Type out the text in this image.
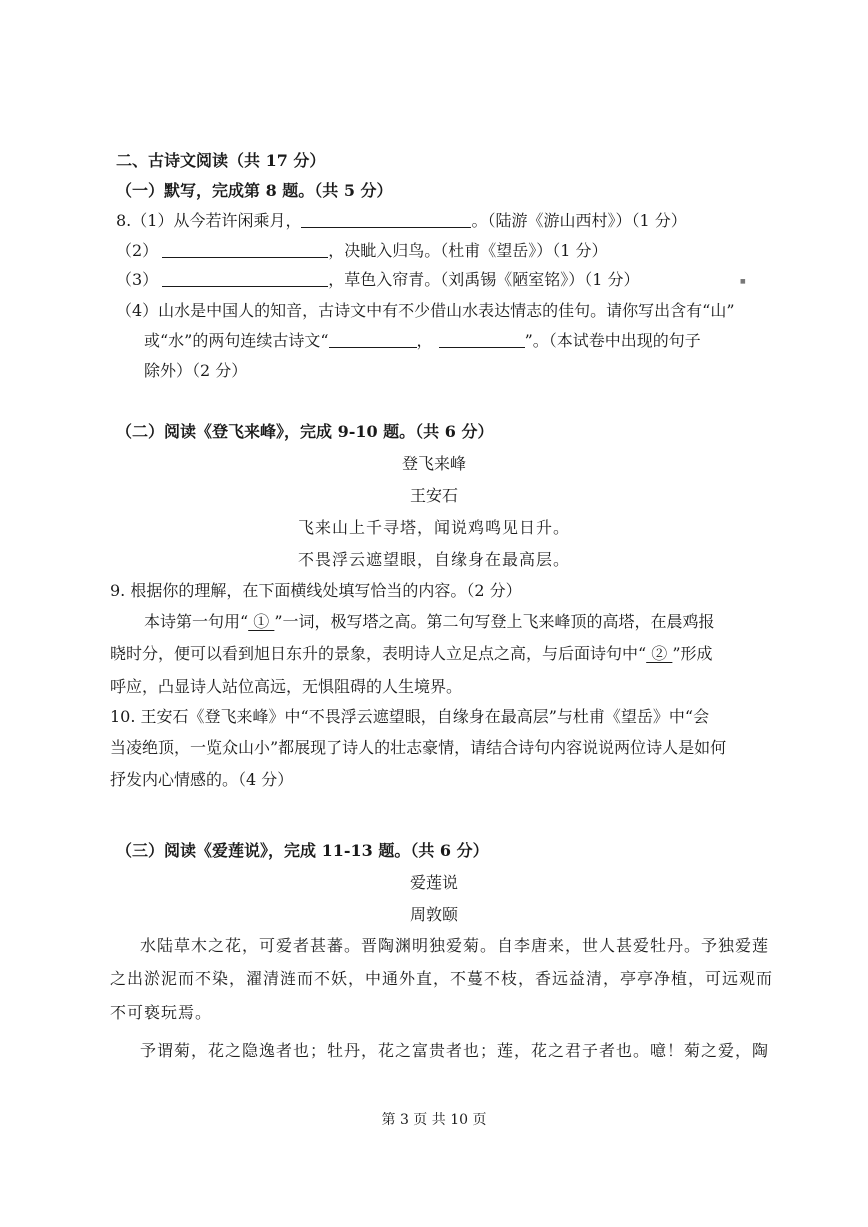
二、古诗文阅读（共 17 分）
（一）默写，完成第 8 题。（共 5 分）
8.（1）从今若许闲乘月，	。（陆游《游山西村》）（1 分）
（2）	，决眦入归鸟。（杜甫《望岳》）（1 分）
（3）	，草色入帘青。（刘禹锡《陋室铭》）（1 分）	■
（4）山水是中国人的知音，古诗文中有不少借山水表达情志的佳句。请你写出含有“山”
或“水”的两句连续古诗文“	，	”。（本试卷中出现的句子
除外）（2 分）
（二）阅读《登飞来峰》，完成 9-10 题。（共 6 分）
登飞来峰
王安石
飞来山上千寻塔，闻说鸡鸣见日升。
不畏浮云遮望眼，自缘身在最高层。
9. 根据你的理解，在下面横线处填写恰当的内容。（2 分）
本诗第一句用“ ① ”一词，极写塔之高。第二句写登上飞来峰顶的高塔，在晨鸡报
晓时分，便可以看到旭日东升的景象，表明诗人立足点之高，与后面诗句中“ ② ”形成
呼应，凸显诗人站位高远，无惧阻碍的人生境界。
10. 王安石《登飞来峰》中“不畏浮云遮望眼，自缘身在最高层”与杜甫《望岳》中“会
当凌绝顶，一览众山小”都展现了诗人的壮志豪情，请结合诗句内容说说两位诗人是如何
抒发内心情感的。（4 分）
（三）阅读《爱莲说》，完成 11-13 题。（共 6 分）
爱莲说
周敦颐
水陆草木之花，可爱者甚蕃。晋陶渊明独爱菊。自李唐来，世人甚爱牡丹。予独爱莲
之出淤泥而不染，濯清涟而不妖，中通外直，不蔓不枝，香远益清，亭亭净植，可远观而
不可亵玩焉。
予谓菊，花之隐逸者也；牡丹，花之富贵者也；莲，花之君子者也。噫！菊之爱，陶
第 3 页 共 10 页
